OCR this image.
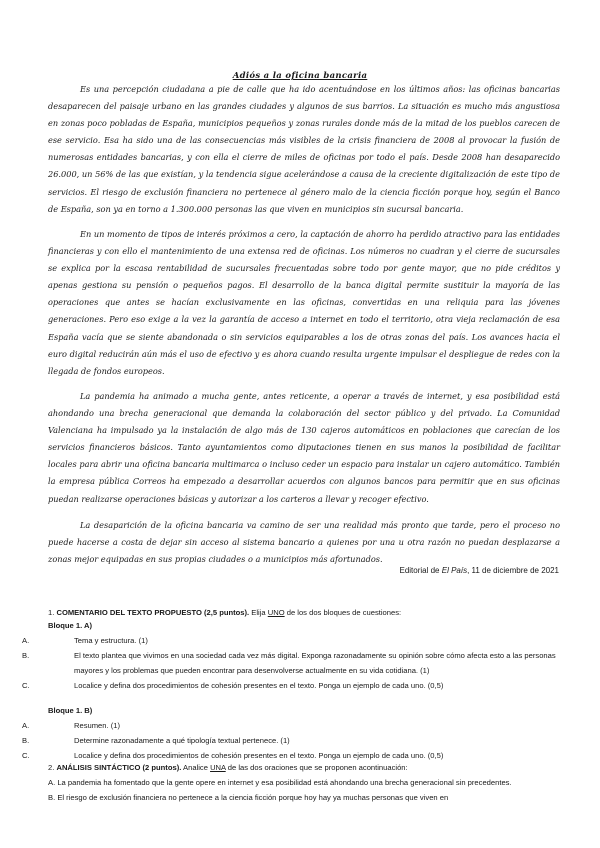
Adiós a la oficina bancaria

Es una percepción ciudadana a pie de calle que ha ido acentuándose en los últimos años: las oficinas bancarias desaparecen del paisaje urbano en las grandes ciudades y algunos de sus barrios. La situación es mucho más angustiosa en zonas poco pobladas de España, municipios pequeños y zonas rurales donde más de la mitad de los pueblos carecen de ese servicio. Esa ha sido una de las consecuencias más visibles de la crisis financiera de 2008 al provocar la fusión de numerosas entidades bancarias, y con ella el cierre de miles de oficinas por todo el país. Desde 2008 han desaparecido 26.000, un 56% de las que existían, y la tendencia sigue acelerándose a causa de la creciente digitalización de este tipo de servicios. El riesgo de exclusión financiera no pertenece al género malo de la ciencia ficción porque hoy, según el Banco de España, son ya en torno a 1.300.000 personas las que viven en municipios sin sucursal bancaria.

En un momento de tipos de interés próximos a cero, la captación de ahorro ha perdido atractivo para las entidades financieras y con ello el mantenimiento de una extensa red de oficinas. Los números no cuadran y el cierre de sucursales se explica por la escasa rentabilidad de sucursales frecuentadas sobre todo por gente mayor, que no pide créditos y apenas gestiona su pensión o pequeños pagos. El desarrollo de la banca digital permite sustituir la mayoría de las operaciones que antes se hacían exclusivamente en las oficinas, convertidas en una reliquia para las jóvenes generaciones. Pero eso exige a la vez la garantía de acceso a internet en todo el territorio, otra vieja reclamación de esa España vacía que se siente abandonada o sin servicios equiparables a los de otras zonas del país. Los avances hacia el euro digital reducirán aún más el uso de efectivo y es ahora cuando resulta urgente impulsar el despliegue de redes con la llegada de fondos europeos.

La pandemia ha animado a mucha gente, antes reticente, a operar a través de internet, y esa posibilidad está ahondando una brecha generacional que demanda la colaboración del sector público y del privado. La Comunidad Valenciana ha impulsado ya la instalación de algo más de 130 cajeros automáticos en poblaciones que carecían de los servicios financieros básicos. Tanto ayuntamientos como diputaciones tienen en sus manos la posibilidad de facilitar locales para abrir una oficina bancaria multimarca o incluso ceder un espacio para instalar un cajero automático. También la empresa pública Correos ha empezado a desarrollar acuerdos con algunos bancos para permitir que en sus oficinas puedan realizarse operaciones básicas y autorizar a los carteros a llevar y recoger efectivo.

La desaparición de la oficina bancaria va camino de ser una realidad más pronto que tarde, pero el proceso no puede hacerse a costa de dejar sin acceso al sistema bancario a quienes por una u otra razón no puedan desplazarse a zonas mejor equipadas en sus propias ciudades o a municipios más afortunados.

Editorial de El País, 11 de diciembre de 2021
1. COMENTARIO DEL TEXTO PROPUESTO (2,5 puntos). Elija UNO de los dos bloques de cuestiones:
Bloque 1. A)
A.	Tema y estructura. (1)
B.	El texto plantea que vivimos en una sociedad cada vez más digital. Exponga razonadamente su opinión sobre cómo afecta esto a las personas mayores y los problemas que pueden encontrar para desenvolverse actualmente en su vida cotidiana. (1)
C.	Localice y defina dos procedimientos de cohesión presentes en el texto. Ponga un ejemplo de cada uno. (0,5)
Bloque 1. B)
A.	Resumen. (1)
B.	Determine razonadamente a qué tipología textual pertenece. (1)
C.	Localice y defina dos procedimientos de cohesión presentes en el texto. Ponga un ejemplo de cada uno. (0,5)
2. ANÁLISIS SINTÁCTICO (2 puntos). Analice UNA de las dos oraciones que se proponen acontinuación:
A. La pandemia ha fomentado que la gente opere en internet y esa posibilidad está ahondando una brecha generacional sin precedentes.
B. El riesgo de exclusión financiera no pertenece a la ciencia ficción porque hoy hay ya muchas personas que viven en
